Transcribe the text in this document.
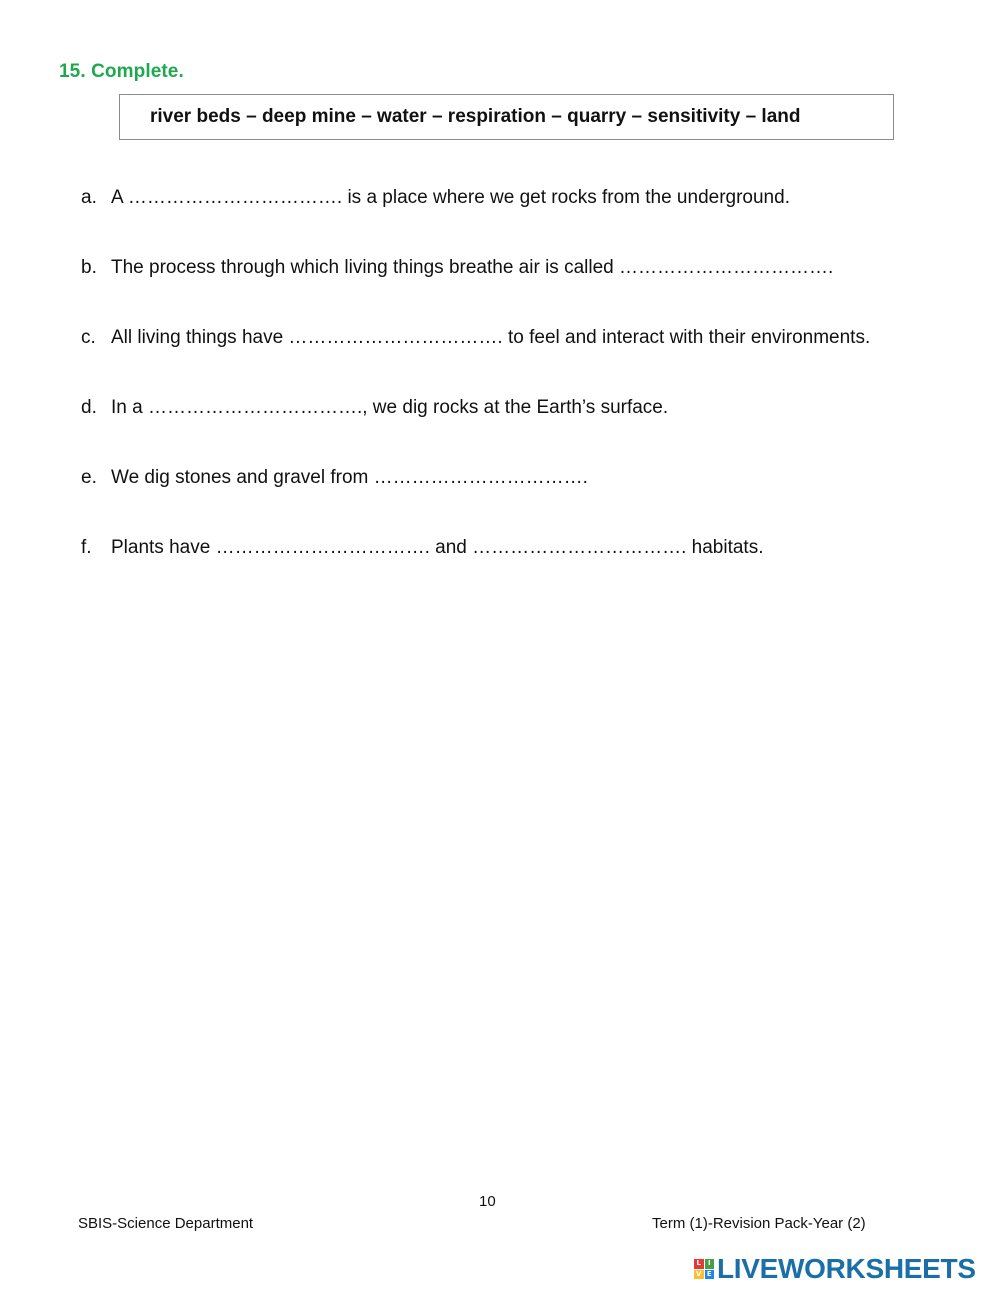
15. Complete.
river beds – deep mine – water – respiration – quarry – sensitivity – land
a. A ……………………………. is a place where we get rocks from the underground.
b. The process through which living things breathe air is called …………………………….
c. All living things have ……………………………. to feel and interact with their environments.
d. In a ……………………………., we dig rocks at the Earth’s surface.
e. We dig stones and gravel from …………………………….
f. Plants have ……………………………. and ……………………………. habitats.
10
SBIS-Science Department	Term (1)-Revision Pack-Year (2)
L I
V E LIVEWORKSHEETS
